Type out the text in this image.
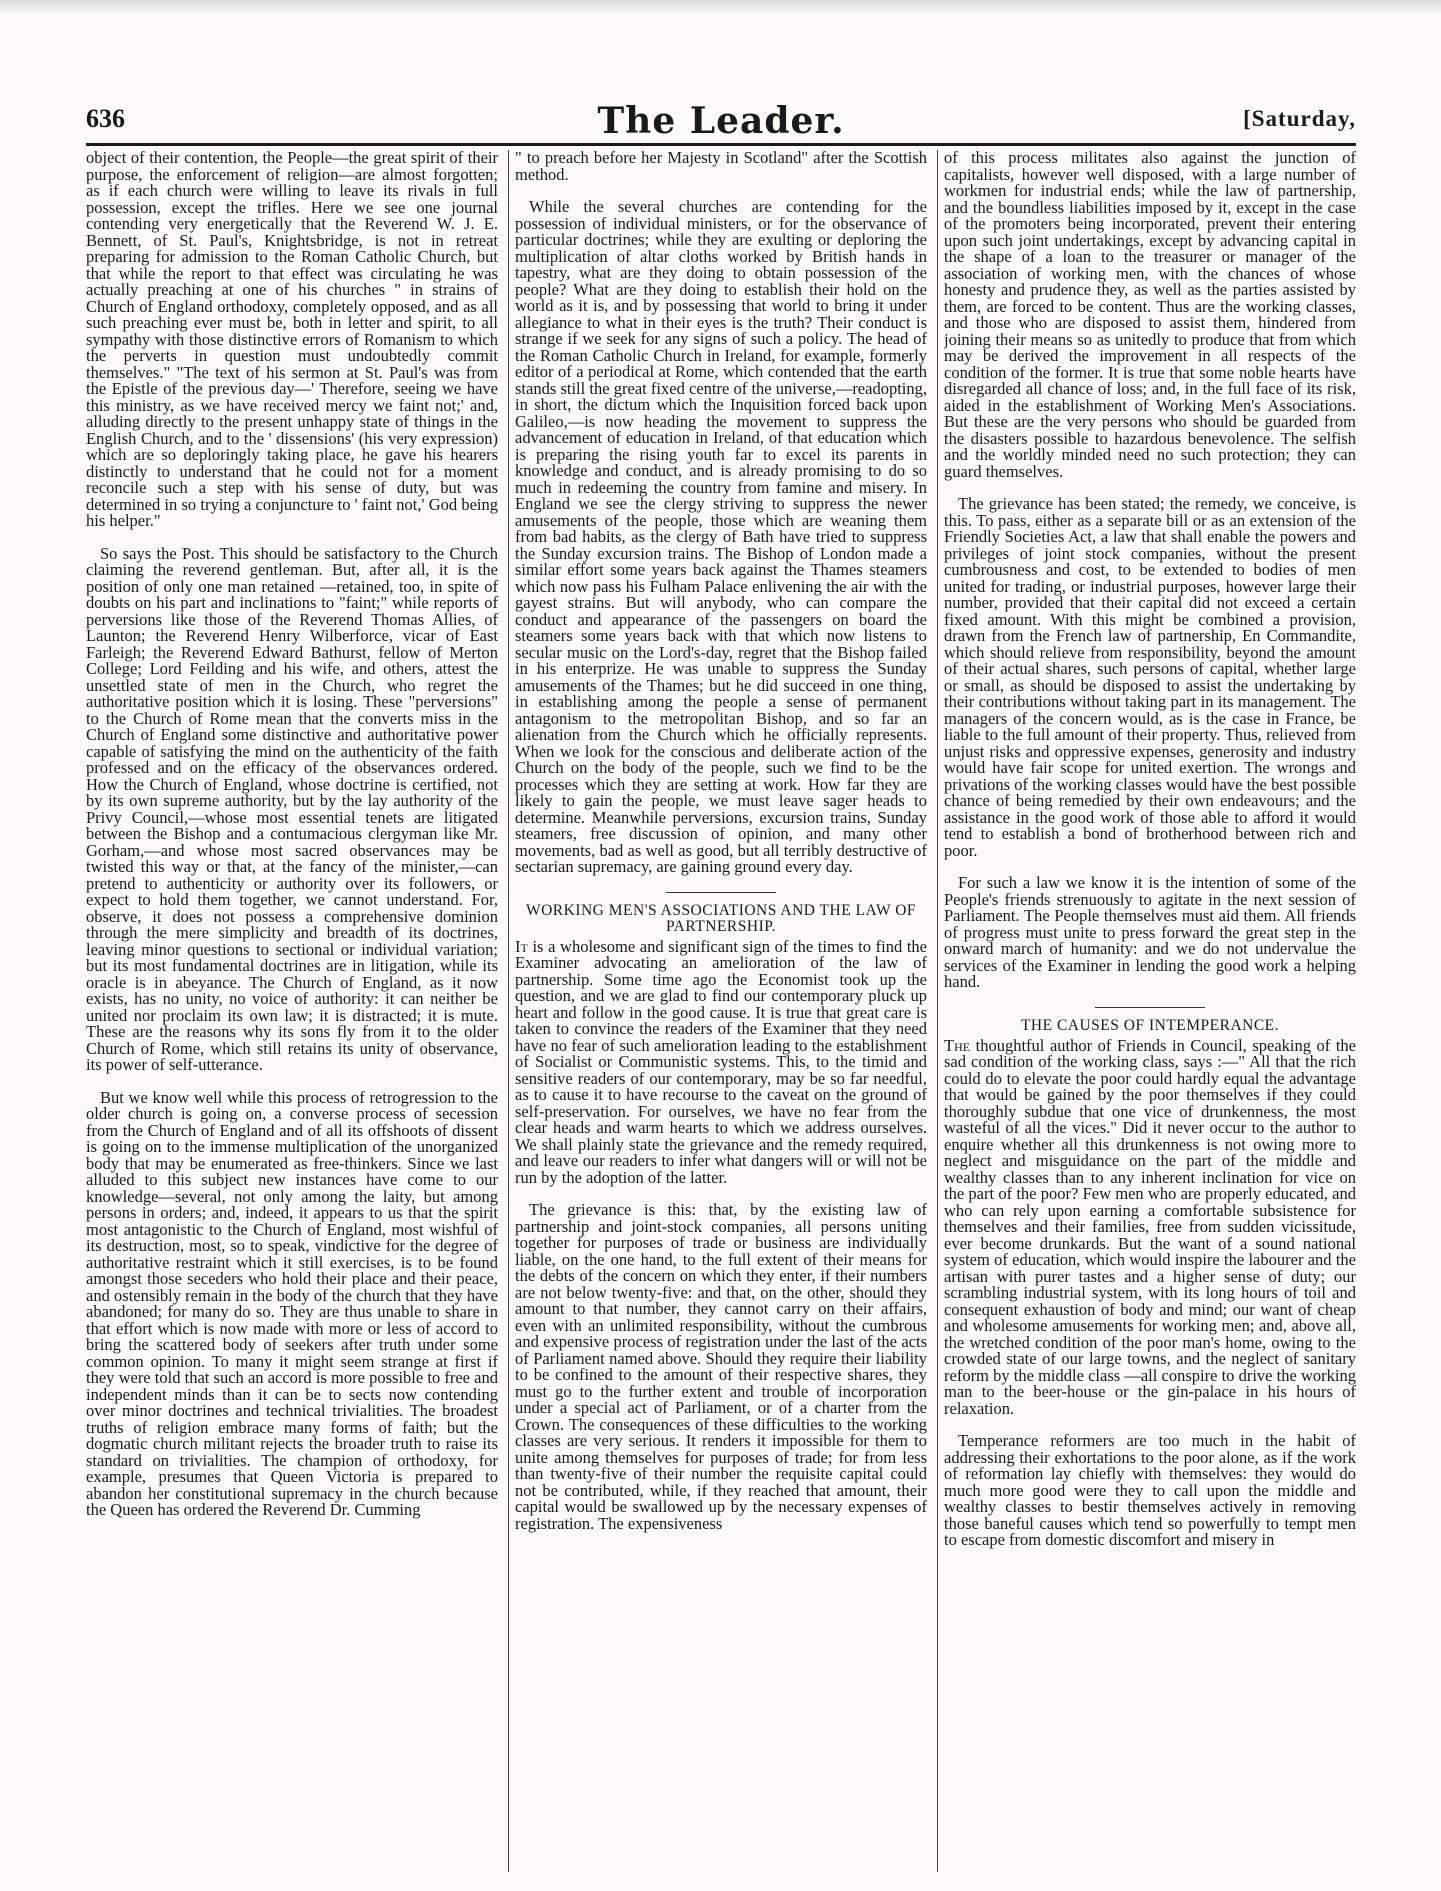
636	The Leader.	[Saturday,

object of their contention, the People—the great spirit of their purpose, the enforcement of religion—are almost forgotten; as if each church were willing to leave its rivals in full possession, except the trifles. Here we see one journal contending very energetically that the Reverend W. J. E. Bennett, of St. Paul's, Knightsbridge, is not in retreat preparing for admission to the Roman Catholic Church, but that while the report to that effect was circulating he was actually preaching at one of his churches " in strains of Church of England orthodoxy, completely opposed, and as all such preaching ever must be, both in letter and spirit, to all sympathy with those distinctive errors of Romanism to which the perverts in question must undoubtedly commit themselves." "The text of his sermon at St. Paul's was from the Epistle of the previous day—' Therefore, seeing we have this ministry, as we have received mercy we faint not;' and, alluding directly to the present unhappy state of things in the English Church, and to the ' dissensions' (his very expression) which are so deploringly taking place, he gave his hearers distinctly to understand that he could not for a moment reconcile such a step with his sense of duty, but was determined in so trying a conjuncture to ' faint not,' God being his helper."

So says the Post. This should be satisfactory to the Church claiming the reverend gentleman. But, after all, it is the position of only one man retained —retained, too, in spite of doubts on his part and inclinations to "faint;" while reports of perversions like those of the Reverend Thomas Allies, of Launton; the Reverend Henry Wilberforce, vicar of East Farleigh; the Reverend Edward Bathurst, fellow of Merton College; Lord Feilding and his wife, and others, attest the unsettled state of men in the Church, who regret the authoritative position which it is losing. These "perversions" to the Church of Rome mean that the converts miss in the Church of England some distinctive and authoritative power capable of satisfying the mind on the authenticity of the faith professed and on the efficacy of the observances ordered. How the Church of England, whose doctrine is certified, not by its own supreme authority, but by the lay authority of the Privy Council,—whose most essential tenets are litigated between the Bishop and a contumacious clergyman like Mr. Gorham,—and whose most sacred observances may be twisted this way or that, at the fancy of the minister,—can pretend to authenticity or authority over its followers, or expect to hold them together, we cannot understand. For, observe, it does not possess a comprehensive dominion through the mere simplicity and breadth of its doctrines, leaving minor questions to sectional or individual variation; but its most fundamental doctrines are in litigation, while its oracle is in abeyance. The Church of England, as it now exists, has no unity, no voice of authority: it can neither be united nor proclaim its own law; it is distracted; it is mute. These are the reasons why its sons fly from it to the older Church of Rome, which still retains its unity of observance, its power of self-utterance.

But we know well while this process of retrogression to the older church is going on, a converse process of secession from the Church of England and of all its offshoots of dissent is going on to the immense multiplication of the unorganized body that may be enumerated as free-thinkers. Since we last alluded to this subject new instances have come to our knowledge—several, not only among the laity, but among persons in orders; and, indeed, it appears to us that the spirit most antagonistic to the Church of England, most wishful of its destruction, most, so to speak, vindictive for the degree of authoritative restraint which it still exercises, is to be found amongst those seceders who hold their place and their peace, and ostensibly remain in the body of the church that they have abandoned; for many do so. They are thus unable to share in that effort which is now made with more or less of accord to bring the scattered body of seekers after truth under some common opinion. To many it might seem strange at first if they were told that such an accord is more possible to free and independent minds than it can be to sects now contending over minor doctrines and technical trivialities. The broadest truths of religion embrace many forms of faith; but the dogmatic church militant rejects the broader truth to raise its standard on trivialities. The champion of orthodoxy, for example, presumes that Queen Victoria is prepared to abandon her constitutional supremacy in the church because the Queen has ordered the Reverend Dr. Cumming

" to preach before her Majesty in Scotland" after the Scottish method.

While the several churches are contending for the possession of individual ministers, or for the observance of particular doctrines; while they are exulting or deploring the multiplication of altar cloths worked by British hands in tapestry, what are they doing to obtain possession of the people? What are they doing to establish their hold on the world as it is, and by possessing that world to bring it under allegiance to what in their eyes is the truth? Their conduct is strange if we seek for any signs of such a policy. The head of the Roman Catholic Church in Ireland, for example, formerly editor of a periodical at Rome, which contended that the earth stands still the great fixed centre of the universe,—readopting, in short, the dictum which the Inquisition forced back upon Galileo,—is now heading the movement to suppress the advancement of education in Ireland, of that education which is preparing the rising youth far to excel its parents in knowledge and conduct, and is already promising to do so much in redeeming the country from famine and misery. In England we see the clergy striving to suppress the newer amusements of the people, those which are weaning them from bad habits, as the clergy of Bath have tried to suppress the Sunday excursion trains. The Bishop of London made a similar effort some years back against the Thames steamers which now pass his Fulham Palace enlivening the air with the gayest strains. But will anybody, who can compare the conduct and appearance of the passengers on board the steamers some years back with that which now listens to secular music on the Lord's-day, regret that the Bishop failed in his enterprize. He was unable to suppress the Sunday amusements of the Thames; but he did succeed in one thing, in establishing among the people a sense of permanent antagonism to the metropolitan Bishop, and so far an alienation from the Church which he officially represents. When we look for the conscious and deliberate action of the Church on the body of the people, such we find to be the processes which they are setting at work. How far they are likely to gain the people, we must leave sager heads to determine. Meanwhile perversions, excursion trains, Sunday steamers, free discussion of opinion, and many other movements, bad as well as good, but all terribly destructive of sectarian supremacy, are gaining ground every day.

WORKING MEN'S ASSOCIATIONS AND THE LAW OF PARTNERSHIP.

It is a wholesome and significant sign of the times to find the Examiner advocating an amelioration of the law of partnership. Some time ago the Economist took up the question, and we are glad to find our contemporary pluck up heart and follow in the good cause. It is true that great care is taken to convince the readers of the Examiner that they need have no fear of such amelioration leading to the establishment of Socialist or Communistic systems. This, to the timid and sensitive readers of our contemporary, may be so far needful, as to cause it to have recourse to the caveat on the ground of self-preservation. For ourselves, we have no fear from the clear heads and warm hearts to which we address ourselves. We shall plainly state the grievance and the remedy required, and leave our readers to infer what dangers will or will not be run by the adoption of the latter.

The grievance is this: that, by the existing law of partnership and joint-stock companies, all persons uniting together for purposes of trade or business are individually liable, on the one hand, to the full extent of their means for the debts of the concern on which they enter, if their numbers are not below twenty-five: and that, on the other, should they amount to that number, they cannot carry on their affairs, even with an unlimited responsibility, without the cumbrous and expensive process of registration under the last of the acts of Parliament named above. Should they require their liability to be confined to the amount of their respective shares, they must go to the further extent and trouble of incorporation under a special act of Parliament, or of a charter from the Crown. The consequences of these difficulties to the working classes are very serious. It renders it impossible for them to unite among themselves for purposes of trade; for from less than twenty-five of their number the requisite capital could not be contributed, while, if they reached that amount, their capital would be swallowed up by the necessary expenses of registration. The expensiveness

of this process militates also against the junction of capitalists, however well disposed, with a large number of workmen for industrial ends; while the law of partnership, and the boundless liabilities imposed by it, except in the case of the promoters being incorporated, prevent their entering upon such joint undertakings, except by advancing capital in the shape of a loan to the treasurer or manager of the association of working men, with the chances of whose honesty and prudence they, as well as the parties assisted by them, are forced to be content. Thus are the working classes, and those who are disposed to assist them, hindered from joining their means so as unitedly to produce that from which may be derived the improvement in all respects of the condition of the former. It is true that some noble hearts have disregarded all chance of loss; and, in the full face of its risk, aided in the establishment of Working Men's Associations. But these are the very persons who should be guarded from the disasters possible to hazardous benevolence. The selfish and the worldly minded need no such protection; they can guard themselves.

The grievance has been stated; the remedy, we conceive, is this. To pass, either as a separate bill or as an extension of the Friendly Societies Act, a law that shall enable the powers and privileges of joint stock companies, without the present cumbrousness and cost, to be extended to bodies of men united for trading, or industrial purposes, however large their number, provided that their capital did not exceed a certain fixed amount. With this might be combined a provision, drawn from the French law of partnership, En Commandite, which should relieve from responsibility, beyond the amount of their actual shares, such persons of capital, whether large or small, as should be disposed to assist the undertaking by their contributions without taking part in its management. The managers of the concern would, as is the case in France, be liable to the full amount of their property. Thus, relieved from unjust risks and oppressive expenses, generosity and industry would have fair scope for united exertion. The wrongs and privations of the working classes would have the best possible chance of being remedied by their own endeavours; and the assistance in the good work of those able to afford it would tend to establish a bond of brotherhood between rich and poor.

For such a law we know it is the intention of some of the People's friends strenuously to agitate in the next session of Parliament. The People themselves must aid them. All friends of progress must unite to press forward the great step in the onward march of humanity: and we do not undervalue the services of the Examiner in lending the good work a helping hand.

THE CAUSES OF INTEMPERANCE.

The thoughtful author of Friends in Council, speaking of the sad condition of the working class, says :—" All that the rich could do to elevate the poor could hardly equal the advantage that would be gained by the poor themselves if they could thoroughly subdue that one vice of drunkenness, the most wasteful of all the vices." Did it never occur to the author to enquire whether all this drunkenness is not owing more to neglect and misguidance on the part of the middle and wealthy classes than to any inherent inclination for vice on the part of the poor? Few men who are properly educated, and who can rely upon earning a comfortable subsistence for themselves and their families, free from sudden vicissitude, ever become drunkards. But the want of a sound national system of education, which would inspire the labourer and the artisan with purer tastes and a higher sense of duty; our scrambling industrial system, with its long hours of toil and consequent exhaustion of body and mind; our want of cheap and wholesome amusements for working men; and, above all, the wretched condition of the poor man's home, owing to the crowded state of our large towns, and the neglect of sanitary reform by the middle class —all conspire to drive the working man to the beer-house or the gin-palace in his hours of relaxation.

Temperance reformers are too much in the habit of addressing their exhortations to the poor alone, as if the work of reformation lay chiefly with themselves: they would do much more good were they to call upon the middle and wealthy classes to bestir themselves actively in removing those baneful causes which tend so powerfully to tempt men to escape from domestic discomfort and misery in
